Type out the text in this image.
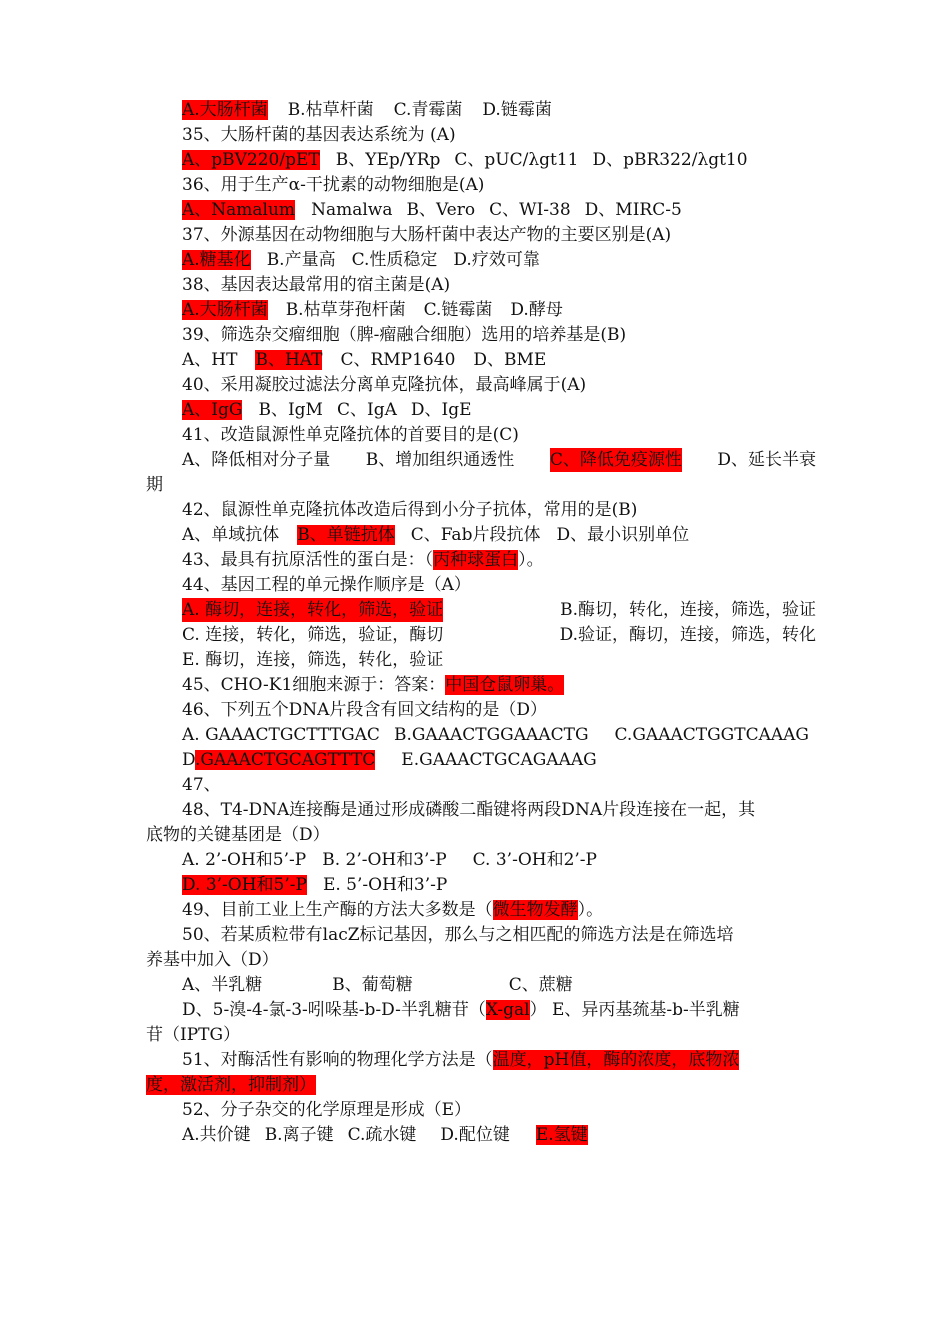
A.大肠杆菌 B.枯草杆菌 C.青霉菌 D.链霉菌
35、大肠杆菌的基因表达系统为 (A)
A、pBV220/pET B、YEp/YRp C、pUC/λgt11 D、pBR322/λgt10
36、用于生产α-干扰素的动物细胞是(A)
A、Namalum Namalwa B、Vero C、WI-38 D、MIRC-5
37、外源基因在动物细胞与大肠杆菌中表达产物的主要区别是(A)
A.糖基化 B.产量高 C.性质稳定 D.疗效可靠
38、基因表达最常用的宿主菌是(A)
A.大肠杆菌 B.枯草芽孢杆菌 C.链霉菌 D.酵母
39、筛选杂交瘤细胞（脾-瘤融合细胞）选用的培养基是(B)
A、HT B、HAT C、RMP1640 D、BME
40、采用凝胶过滤法分离单克隆抗体，最高峰属于(A)
A、IgG B、IgM C、IgA D、IgE
41、改造鼠源性单克隆抗体的首要目的是(C)
A、降低相对分子量 B、增加组织通透性 C、降低免疫源性 D、延长半衰
期
42、鼠源性单克隆抗体改造后得到小分子抗体，常用的是(B)
A、单域抗体 B、单链抗体 C、Fab片段抗体 D、最小识别单位
43、最具有抗原活性的蛋白是：（丙种球蛋白）。
44、基因工程的单元操作顺序是（A）
A. 酶切，连接，转化，筛选，验证	B.酶切，转化，连接，筛选，验证
C. 连接，转化，筛选，验证，酶切	D.验证，酶切，连接，筛选，转化
E. 酶切，连接，筛选，转化，验证
45、CHO-K1细胞来源于：答案：中国仓鼠卵巢。
46、下列五个DNA片段含有回文结构的是（D）
A. GAAACTGCTTTGAC B.GAAACTGGAAACTG C.GAAACTGGTCAAAG
D.GAAACTGCAGTTTC E.GAAACTGCAGAAAG
47、
48、T4-DNA连接酶是通过形成磷酸二酯键将两段DNA片段连接在一起，其
底物的关键基团是（D）
A. 2’-OH和5’-P B. 2’-OH和3’-P C. 3’-OH和2’-P
D. 3’-OH和5’-P E. 5’-OH和3’-P
49、目前工业上生产酶的方法大多数是（微生物发酵）。
50、若某质粒带有lacZ标记基因，那么与之相匹配的筛选方法是在筛选培
养基中加入（D）
A、半乳糖	B、葡萄糖	C、蔗糖
D、5-溴-4-氯-3-吲哚基-b-D-半乳糖苷（X-gal） E、异丙基巯基-b-半乳糖
苷（IPTG）
51、对酶活性有影响的物理化学方法是（温度，pH值，酶的浓度，底物浓
度，激活剂，抑制剂）
52、分子杂交的化学原理是形成（E）
A.共价键 B.离子键 C.疏水键 D.配位键 E.氢键
